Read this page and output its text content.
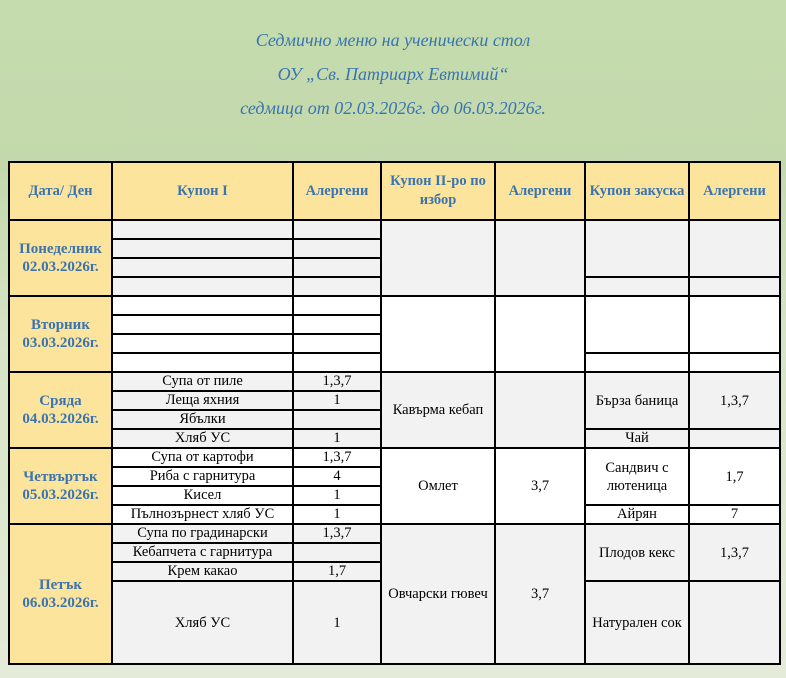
Седмично меню на ученически стол
ОУ „Св. Патриарх Евтимий“
седмица от 02.03.2026г. до 06.03.2026г.
Дата/ Ден	Купон I	Алергени	Купон II-ро по избор	Алергени	Купон закуска	Алергени
Понеделник 02.03.2026г.						

Вторник 03.03.2026г.						

Сряда 04.03.2026г.	Супа от пиле	1,3,7	Кавърма кебап		Бърза баница	1,3,7
	Леща яхния	1				
	Ябълки					
	Хляб УС	1			Чай	
Четвъртък 05.03.2026г.	Супа от картофи	1,3,7	Омлет	3,7	Сандвич с лютеница	1,7
	Риба с гарнитура	4				
	Кисел	1				
	Пълнозърнест хляб УС	1			Айрян	7
Петък 06.03.2026г.	Супа по градинарски	1,3,7	Овчарски гювеч	3,7	Плодов кекс	1,3,7
	Кебапчета с гарнитура					
	Крем какао	1,7				
	Хляб УС	1			Натурален сок	
